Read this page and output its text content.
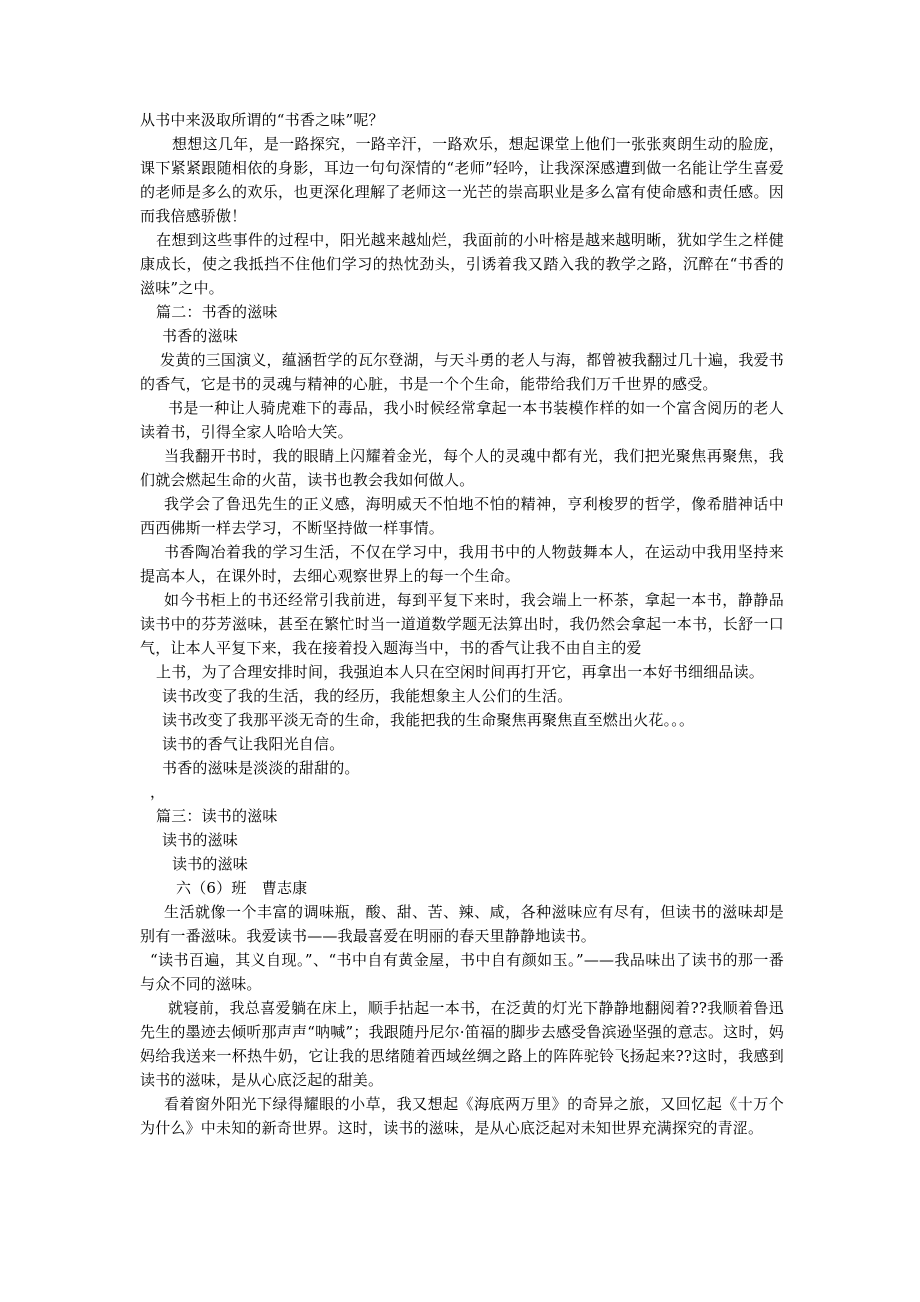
从书中来汲取所谓的“书香之味”呢？

想想这几年，是一路探究，一路辛汗，一路欢乐，想起课堂上他们一张张爽朗生动的脸庞，课下紧紧跟随相依的身影，耳边一句句深情的“老师”轻吟，让我深深感遭到做一名能让学生喜爱的老师是多么的欢乐，也更深化理解了老师这一光芒的崇高职业是多么富有使命感和责任感。因而我倍感骄傲！

在想到这些事件的过程中，阳光越来越灿烂，我面前的小叶榕是越来越明晰，犹如学生之样健康成长，使之我抵挡不住他们学习的热忱劲头，引诱着我又踏入我的教学之路，沉醉在“书香的滋味”之中。

篇二：书香的滋味

书香的滋味

发黄的三国演义，蕴涵哲学的瓦尔登湖，与天斗勇的老人与海，都曾被我翻过几十遍，我爱书的香气，它是书的灵魂与精神的心脏，书是一个个生命，能带给我们万千世界的感受。

书是一种让人骑虎难下的毒品，我小时候经常拿起一本书装模作样的如一个富含阅历的老人读着书，引得全家人哈哈大笑。

当我翻开书时，我的眼睛上闪耀着金光，每个人的灵魂中都有光，我们把光聚焦再聚焦，我们就会燃起生命的火苗，读书也教会我如何做人。

我学会了鲁迅先生的正义感，海明威天不怕地不怕的精神，亨利梭罗的哲学，像希腊神话中西西佛斯一样去学习，不断坚持做一样事情。

书香陶冶着我的学习生活，不仅在学习中，我用书中的人物鼓舞本人，在运动中我用坚持来提高本人，在课外时，去细心观察世界上的每一个生命。

如今书柜上的书还经常引我前进，每到平复下来时，我会端上一杯茶，拿起一本书，静静品读书中的芬芳滋味，甚至在繁忙时当一道道数学题无法算出时，我仍然会拿起一本书，长舒一口气，让本人平复下来，我在接着投入题海当中，书的香气让我不由自主的爱

上书，为了合理安排时间，我强迫本人只在空闲时间再打开它，再拿出一本好书细细品读。

读书改变了我的生活，我的经历，我能想象主人公们的生活。

读书改变了我那平淡无奇的生命，我能把我的生命聚焦再聚焦直至燃出火花。。。

读书的香气让我阳光自信。

书香的滋味是淡淡的甜甜的。

，

篇三：读书的滋味

读书的滋味

读书的滋味

六（6）班　曹志康

生活就像一个丰富的调味瓶，酸、甜、苦、辣、咸，各种滋味应有尽有，但读书的滋味却是别有一番滋味。我爱读书——我最喜爱在明丽的春天里静静地读书。

“读书百遍，其义自现。”、“书中自有黄金屋，书中自有颜如玉。”——我品味出了读书的那一番与众不同的滋味。

就寝前，我总喜爱躺在床上，顺手拈起一本书，在泛黄的灯光下静静地翻阅着??我顺着鲁迅先生的墨迹去倾听那声声“呐喊”；我跟随丹尼尔·笛福的脚步去感受鲁滨逊坚强的意志。这时，妈妈给我送来一杯热牛奶，它让我的思绪随着西域丝绸之路上的阵阵驼铃飞扬起来??这时，我感到读书的滋味，是从心底泛起的甜美。

看着窗外阳光下绿得耀眼的小草，我又想起《海底两万里》的奇异之旅，又回忆起《十万个为什么》中未知的新奇世界。这时，读书的滋味，是从心底泛起对未知世界充满探究的青涩。
